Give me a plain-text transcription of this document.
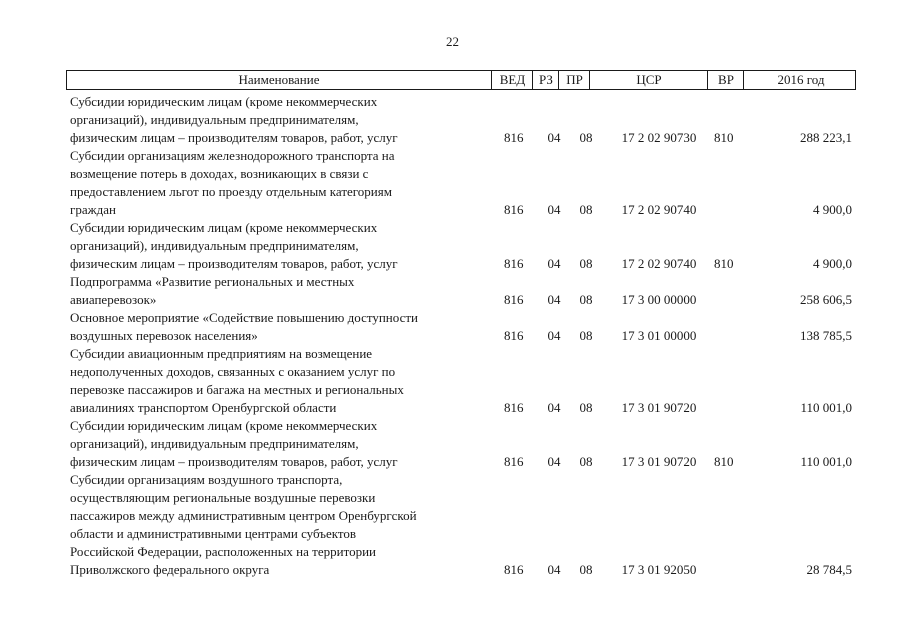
22
Наименование	ВЕД	РЗ	ПР	ЦСР	ВР	2016 год
Субсидии юридическим лицам (кроме некоммерческих
организаций), индивидуальным предпринимателям,
физическим лицам – производителям товаров, работ, услуг	816	04	08	17 2 02 90730	810	288 223,1
Субсидии организациям железнодорожного транспорта на
возмещение потерь в доходах, возникающих в связи с
предоставлением льгот по проезду отдельным категориям
граждан	816	04	08	17 2 02 90740	4 900,0
Субсидии юридическим лицам (кроме некоммерческих
организаций), индивидуальным предпринимателям,
физическим лицам – производителям товаров, работ, услуг	816	04	08	17 2 02 90740	810	4 900,0
Подпрограмма «Развитие региональных и местных
авиаперевозок»	816	04	08	17 3 00 00000	258 606,5
Основное мероприятие «Содействие повышению доступности
воздушных перевозок населения»	816	04	08	17 3 01 00000	138 785,5
Субсидии авиационным предприятиям на возмещение
недополученных доходов, связанных с оказанием услуг по
перевозке пассажиров и багажа на местных и региональных
авиалиниях транспортом Оренбургской области	816	04	08	17 3 01 90720	110 001,0
Субсидии юридическим лицам (кроме некоммерческих
организаций), индивидуальным предпринимателям,
физическим лицам – производителям товаров, работ, услуг	816	04	08	17 3 01 90720	810	110 001,0
Субсидии организациям воздушного транспорта,
осуществляющим региональные воздушные перевозки
пассажиров между административным центром Оренбургской
области и административными центрами субъектов
Российской Федерации, расположенных на территории
Приволжского федерального округа	816	04	08	17 3 01 92050	28 784,5
